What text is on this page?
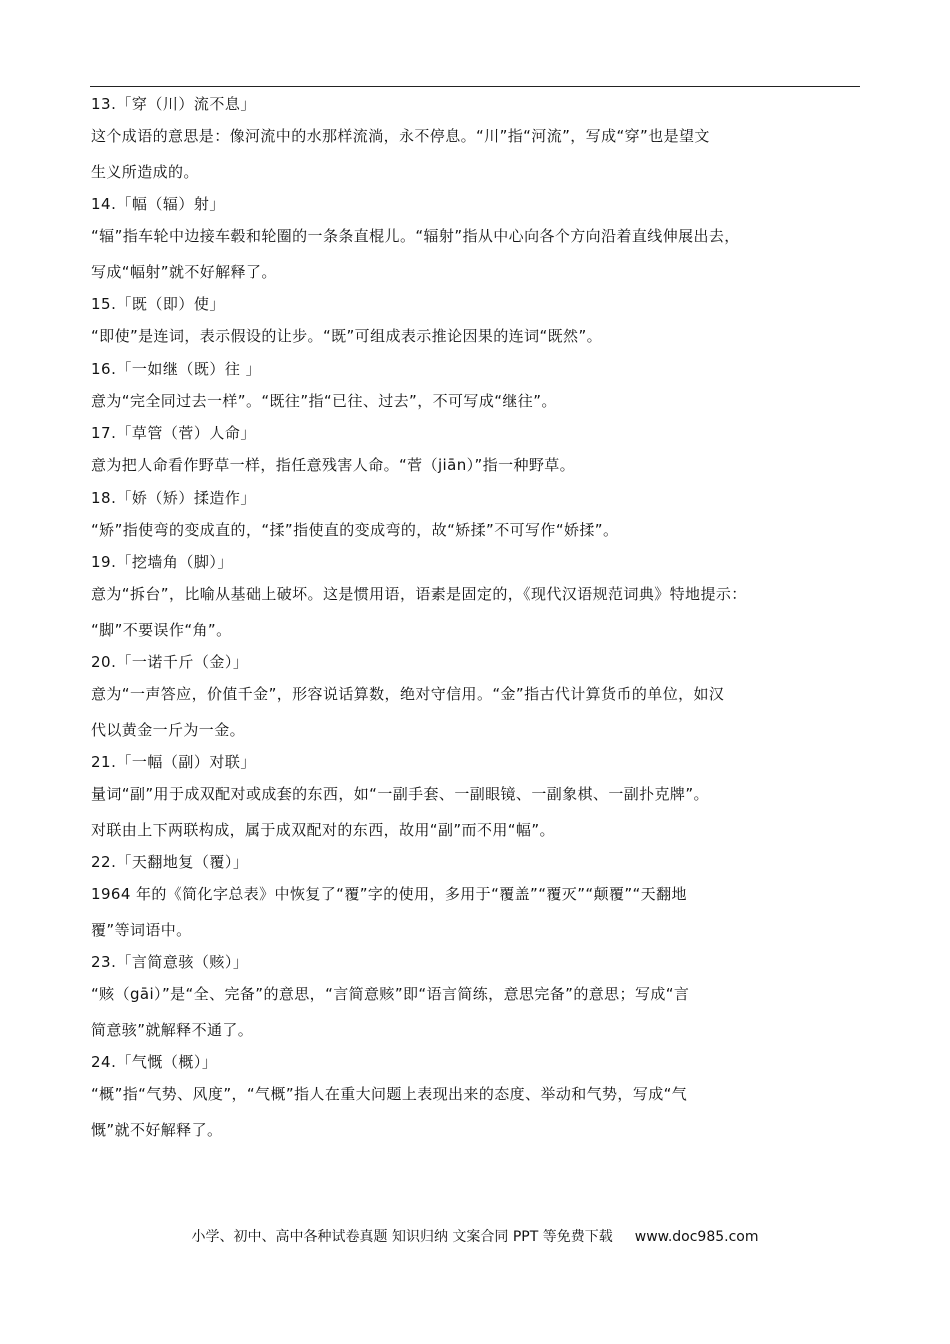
13.「穿（川）流不息」
这个成语的意思是：像河流中的水那样流淌，永不停息。“川”指“河流”，写成“穿”也是望文
生义所造成的。
14.「幅（辐）射」
“辐”指车轮中边接车毂和轮圈的一条条直棍儿。“辐射”指从中心向各个方向沿着直线伸展出去，
写成“幅射”就不好解释了。
15.「既（即）使」
“即使”是连词，表示假设的让步。“既”可组成表示推论因果的连词“既然”。
16.「一如继（既）往 」
意为“完全同过去一样”。“既往”指“已往、过去”，不可写成“继往”。
17.「草管（菅）人命」
意为把人命看作野草一样，指任意残害人命。“菅（jiān）”指一种野草。
18.「娇（矫）揉造作」
“矫”指使弯的变成直的，“揉”指使直的变成弯的，故“矫揉”不可写作“娇揉”。
19.「挖墙角（脚）」
意为“拆台”，比喻从基础上破坏。这是惯用语，语素是固定的，《现代汉语规范词典》特地提示：
“脚”不要误作“角”。
20.「一诺千斤（金）」
意为“一声答应，价值千金”，形容说话算数，绝对守信用。“金”指古代计算货币的单位，如汉
代以黄金一斤为一金。
21.「一幅（副）对联」
量词“副”用于成双配对或成套的东西，如“一副手套、一副眼镜、一副象棋、一副扑克牌”。
对联由上下两联构成，属于成双配对的东西，故用“副”而不用“幅”。
22.「天翻地复（覆）」
1964 年的《简化字总表》中恢复了“覆”字的使用，多用于“覆盖”“覆灭”“颠覆”“天翻地
覆”等词语中。
23.「言简意骇（赅）」
“赅（gāi）”是“全、完备”的意思，“言简意赅”即“语言简练，意思完备”的意思；写成“言
简意骇”就解释不通了。
24.「气慨（概）」
“概”指“气势、风度”，“气概”指人在重大问题上表现出来的态度、举动和气势，写成“气
慨”就不好解释了。
小学、初中、高中各种试卷真题 知识归纳 文案合同 PPT 等免费下载 www.doc985.com
